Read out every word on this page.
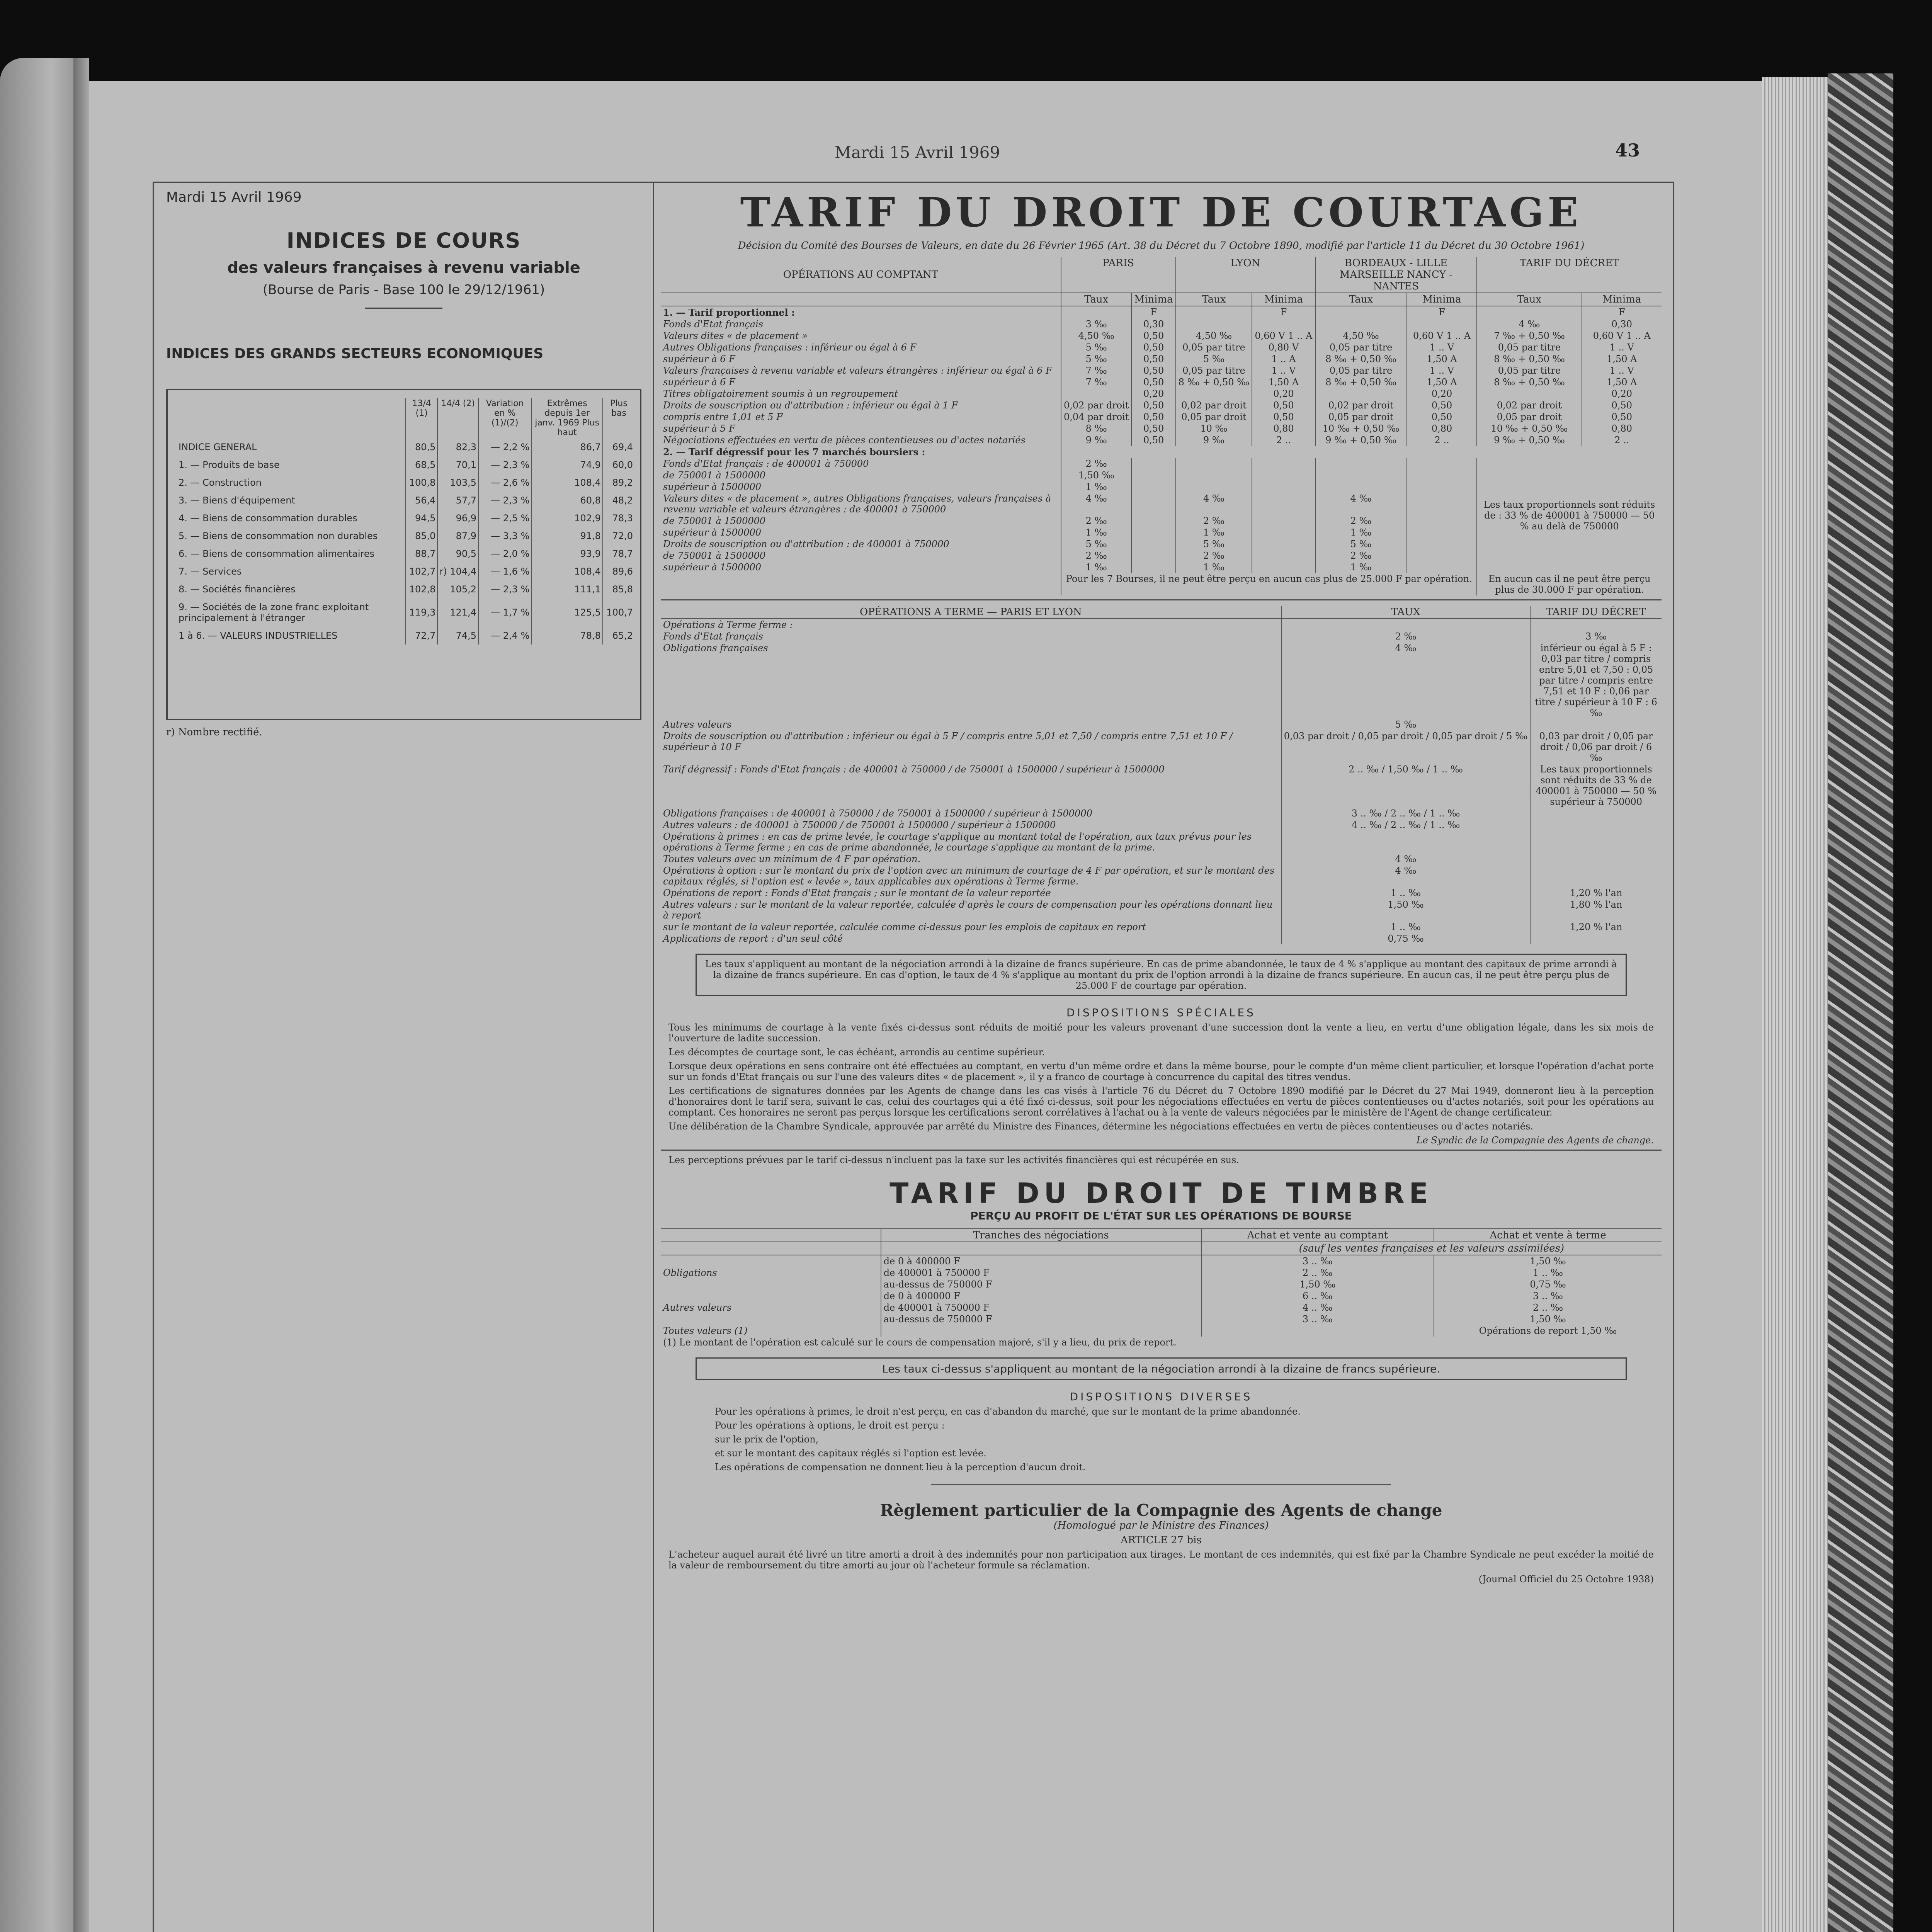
Mardi 15 Avril 1969	43
Mardi 15 Avril 1969
INDICES DE COURS
des valeurs françaises à revenu variable
(Bourse de Paris - Base 100 le 29/12/1961)
INDICES DES GRANDS SECTEURS ECONOMIQUES
	13/4 (1)	14/4 (2)	Variation en % (1)/(2)	Extrêmes depuis 1er janv. 1969 Plus haut	Plus bas
INDICE GENERAL	80,5	82,3	— 2,2 %	86,7	69,4
1. — Produits de base	68,5	70,1	— 2,3 %	74,9	60,0
2. — Construction	100,8	103,5	— 2,6 %	108,4	89,2
3. — Biens d'équipement	56,4	57,7	— 2,3 %	60,8	48,2
4. — Biens de consommation durables	94,5	96,9	— 2,5 %	102,9	78,3
5. — Biens de consommation non durables	85,0	87,9	— 3,3 %	91,8	72,0
6. — Biens de consommation alimentaires	88,7	90,5	— 2,0 %	93,9	78,7
7. — Services	102,7	r) 104,4	— 1,6 %	108,4	89,6
8. — Sociétés financières	102,8	105,2	— 2,3 %	111,1	85,8
9. — Sociétés de la zone franc exploitant principalement à l'étranger	119,3	121,4	— 1,7 %	125,5	100,7
1 à 6. — VALEURS INDUSTRIELLES	72,7	74,5	— 2,4 %	78,8	65,2
r) Nombre rectifié.
TARIF DU DROIT DE COURTAGE
Décision du Comité des Bourses de Valeurs, en date du 26 Février 1965 (Art. 38 du Décret du 7 Octobre 1890, modifié par l'article 11 du Décret du 30 Octobre 1961)
OPÉRATIONS AU COMPTANT	PARIS		LYON		BORDEAUX - LILLE MARSEILLE NANCY - NANTES		TARIF DU DÉCRET	
	Taux	Minima	Taux	Minima	Taux	Minima	Taux	Minima
1. — Tarif proportionnel :		F		F		F		F
Fonds d'Etat français	3 ‰	0,30					4 ‰	0,30
Valeurs dites « de placement »	4,50 ‰	0,50	4,50 ‰	0,60 V 1 .. A	4,50 ‰	0,60 V 1 .. A	7 ‰ + 0,50 ‰	0,60 V 1 .. A
Autres Obligations françaises : inférieur ou égal à 6 F	5 ‰	0,50	0,05 par titre	0,80 V	0,05 par titre	1 .. V	0,05 par titre	1 .. V
supérieur à 6 F	5 ‰	0,50	5 ‰	1 .. A	8 ‰ + 0,50 ‰	1,50 A	8 ‰ + 0,50 ‰	1,50 A
Valeurs françaises à revenu variable et valeurs étrangères : inférieur ou égal à 6 F	7 ‰	0,50	0,05 par titre	1 .. V	0,05 par titre	1 .. V	0,05 par titre	1 .. V
supérieur à 6 F	7 ‰	0,50	8 ‰ + 0,50 ‰	1,50 A	8 ‰ + 0,50 ‰	1,50 A	8 ‰ + 0,50 ‰	1,50 A
Titres obligatoirement soumis à un regroupement		0,20		0,20		0,20		0,20
Droits de souscription ou d'attribution : inférieur ou égal à 1 F	0,02 par droit	0,50	0,02 par droit	0,50	0,02 par droit	0,50	0,02 par droit	0,50
compris entre 1,01 et 5 F	0,04 par droit	0,50	0,05 par droit	0,50	0,05 par droit	0,50	0,05 par droit	0,50
supérieur à 5 F	8 ‰	0,50	10 ‰	0,80	10 ‰ + 0,50 ‰	0,80	10 ‰ + 0,50 ‰	0,80
Négociations effectuées en vertu de pièces contentieuses ou d'actes notariés	9 ‰	0,50	9 ‰	2 ..	9 ‰ + 0,50 ‰	2 ..	9 ‰ + 0,50 ‰	2 ..
2. — Tarif dégressif pour les 7 marchés boursiers :								
Fonds d'Etat français : de 400001 à 750000	2 ‰						Les taux proportionnels sont réduits de : 33 % de 400001 à 750000 — 50 % au delà de 750000	
de 750001 à 1500000	1,50 ‰							
supérieur à 1500000	1 ‰							
Valeurs dites « de placement », autres Obligations françaises, valeurs françaises à revenu variable et valeurs étrangères : de 400001 à 750000	4 ‰		4 ‰		4 ‰			
de 750001 à 1500000	2 ‰		2 ‰		2 ‰			
supérieur à 1500000	1 ‰		1 ‰		1 ‰			
Droits de souscription ou d'attribution : de 400001 à 750000	5 ‰		5 ‰		5 ‰			
de 750001 à 1500000	2 ‰		2 ‰		2 ‰			
supérieur à 1500000	1 ‰		1 ‰		1 ‰			
	Pour les 7 Bourses, il ne peut être perçu en aucun cas plus de 25.000 F par opération.						En aucun cas il ne peut être perçu plus de 30.000 F par opération.	
OPÉRATIONS A TERME — PARIS ET LYON	TAUX	TARIF DU DÉCRET
Opérations à Terme ferme :		
Fonds d'Etat français	2 ‰	3 ‰
Obligations françaises	4 ‰	inférieur ou égal à 5 F : 0,03 par titre / compris entre 5,01 et 7,50 : 0,05 par titre / compris entre 7,51 et 10 F : 0,06 par titre / supérieur à 10 F : 6 ‰
Autres valeurs	5 ‰	
Droits de souscription ou d'attribution : inférieur ou égal à 5 F / compris entre 5,01 et 7,50 / compris entre 7,51 et 10 F / supérieur à 10 F	0,03 par droit / 0,05 par droit / 0,05 par droit / 5 ‰	0,03 par droit / 0,05 par droit / 0,06 par droit / 6 ‰
Tarif dégressif : Fonds d'Etat français : de 400001 à 750000 / de 750001 à 1500000 / supérieur à 1500000	2 .. ‰ / 1,50 ‰ / 1 .. ‰	Les taux proportionnels sont réduits de 33 % de 400001 à 750000 — 50 % supérieur à 750000
Obligations françaises : de 400001 à 750000 / de 750001 à 1500000 / supérieur à 1500000	3 .. ‰ / 2 .. ‰ / 1 .. ‰	
Autres valeurs : de 400001 à 750000 / de 750001 à 1500000 / supérieur à 1500000	4 .. ‰ / 2 .. ‰ / 1 .. ‰	
Opérations à primes : en cas de prime levée, le courtage s'applique au montant total de l'opération, aux taux prévus pour les opérations à Terme ferme ; en cas de prime abandonnée, le courtage s'applique au montant de la prime.		
Toutes valeurs avec un minimum de 4 F par opération.	4 ‰	
Opérations à option : sur le montant du prix de l'option avec un minimum de courtage de 4 F par opération, et sur le montant des capitaux réglés, si l'option est « levée », taux applicables aux opérations à Terme ferme.	4 ‰	
Opérations de report : Fonds d'Etat français ; sur le montant de la valeur reportée	1 .. ‰	1,20 % l'an
Autres valeurs : sur le montant de la valeur reportée, calculée d'après le cours de compensation pour les opérations donnant lieu à report	1,50 ‰	1,80 % l'an
sur le montant de la valeur reportée, calculée comme ci-dessus pour les emplois de capitaux en report	1 .. ‰	1,20 % l'an
Applications de report : d'un seul côté	0,75 ‰	
Les taux s'appliquent au montant de la négociation arrondi à la dizaine de francs supérieure. En cas de prime abandonnée, le taux de 4 % s'applique au montant des capitaux de prime arrondi à la dizaine de francs supérieure. En cas d'option, le taux de 4 % s'applique au montant du prix de l'option arrondi à la dizaine de francs supérieure. En aucun cas, il ne peut être perçu plus de 25.000 F de courtage par opération.
DISPOSITIONS SPÉCIALES
Tous les minimums de courtage à la vente fixés ci-dessus sont réduits de moitié pour les valeurs provenant d'une succession dont la vente a lieu, en vertu d'une obligation légale, dans les six mois de l'ouverture de ladite succession.
Les décomptes de courtage sont, le cas échéant, arrondis au centime supérieur.
Lorsque deux opérations en sens contraire ont été effectuées au comptant, en vertu d'un même ordre et dans la même bourse, pour le compte d'un même client particulier, et lorsque l'opération d'achat porte sur un fonds d'Etat français ou sur l'une des valeurs dites « de placement », il y a franco de courtage à concurrence du capital des titres vendus.
Les certifications de signatures données par les Agents de change dans les cas visés à l'article 76 du Décret du 7 Octobre 1890 modifié par le Décret du 27 Mai 1949, donneront lieu à la perception d'honoraires dont le tarif sera, suivant le cas, celui des courtages qui a été fixé ci-dessus, soit pour les négociations effectuées en vertu de pièces contentieuses ou d'actes notariés, soit pour les opérations au comptant. Ces honoraires ne seront pas perçus lorsque les certifications seront corrélatives à l'achat ou à la vente de valeurs négociées par le ministère de l'Agent de change certificateur.
Une délibération de la Chambre Syndicale, approuvée par arrêté du Ministre des Finances, détermine les négociations effectuées en vertu de pièces contentieuses ou d'actes notariés.
Le Syndic de la Compagnie des Agents de change.
Les perceptions prévues par le tarif ci-dessus n'incluent pas la taxe sur les activités financières qui est récupérée en sus.
TARIF DU DROIT DE TIMBRE
PERÇU AU PROFIT DE L'ÉTAT SUR LES OPÉRATIONS DE BOURSE
	Tranches des négociations	Achat et vente au comptant	Achat et vente à terme
		(sauf les ventes françaises et les valeurs assimilées)	
	de 0 à 400000 F	3 .. ‰	1,50 ‰
Obligations	de 400001 à 750000 F	2 .. ‰	1 .. ‰
	au-dessus de 750000 F	1,50 ‰	0,75 ‰
	de 0 à 400000 F	6 .. ‰	3 .. ‰
Autres valeurs	de 400001 à 750000 F	4 .. ‰	2 .. ‰
	au-dessus de 750000 F	3 .. ‰	1,50 ‰
Toutes valeurs (1)			Opérations de report 1,50 ‰
(1) Le montant de l'opération est calculé sur le cours de compensation majoré, s'il y a lieu, du prix de report.			
Les taux ci-dessus s'appliquent au montant de la négociation arrondi à la dizaine de francs supérieure.
DISPOSITIONS DIVERSES
Pour les opérations à primes, le droit n'est perçu, en cas d'abandon du marché, que sur le montant de la prime abandonnée.
Pour les opérations à options, le droit est perçu :
sur le prix de l'option,
et sur le montant des capitaux réglés si l'option est levée.
Les opérations de compensation ne donnent lieu à la perception d'aucun droit.
Règlement particulier de la Compagnie des Agents de change
(Homologué par le Ministre des Finances)
ARTICLE 27 bis
L'acheteur auquel aurait été livré un titre amorti a droit à des indemnités pour non participation aux tirages. Le montant de ces indemnités, qui est fixé par la Chambre Syndicale ne peut excéder la moitié de la valeur de remboursement du titre amorti au jour où l'acheteur formule sa réclamation.
(Journal Officiel du 25 Octobre 1938)
